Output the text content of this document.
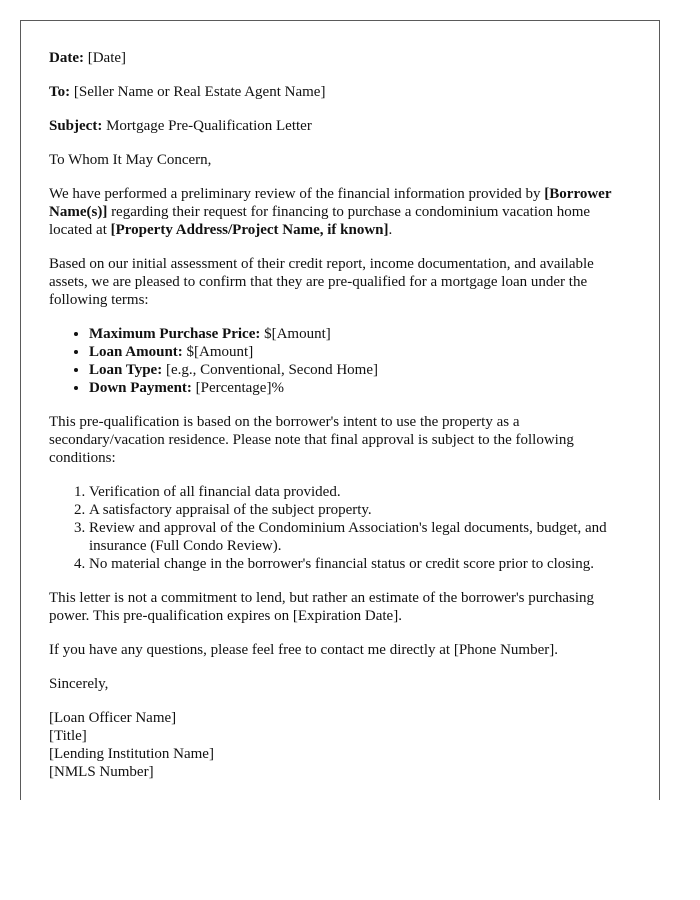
Date: [Date]

To: [Seller Name or Real Estate Agent Name]

Subject: Mortgage Pre-Qualification Letter

To Whom It May Concern,

We have performed a preliminary review of the financial information provided by [Borrower Name(s)] regarding their request for financing to purchase a condominium vacation home located at [Property Address/Project Name, if known].

Based on our initial assessment of their credit report, income documentation, and available assets, we are pleased to confirm that they are pre-qualified for a mortgage loan under the following terms:

• Maximum Purchase Price: $[Amount]
• Loan Amount: $[Amount]
• Loan Type: [e.g., Conventional, Second Home]
• Down Payment: [Percentage]%

This pre-qualification is based on the borrower's intent to use the property as a secondary/vacation residence. Please note that final approval is subject to the following conditions:

1. Verification of all financial data provided.
2. A satisfactory appraisal of the subject property.
3. Review and approval of the Condominium Association's legal documents, budget, and insurance (Full Condo Review).
4. No material change in the borrower's financial status or credit score prior to closing.

This letter is not a commitment to lend, but rather an estimate of the borrower's purchasing power. This pre-qualification expires on [Expiration Date].

If you have any questions, please feel free to contact me directly at [Phone Number].

Sincerely,

[Loan Officer Name]
[Title]
[Lending Institution Name]
[NMLS Number]
